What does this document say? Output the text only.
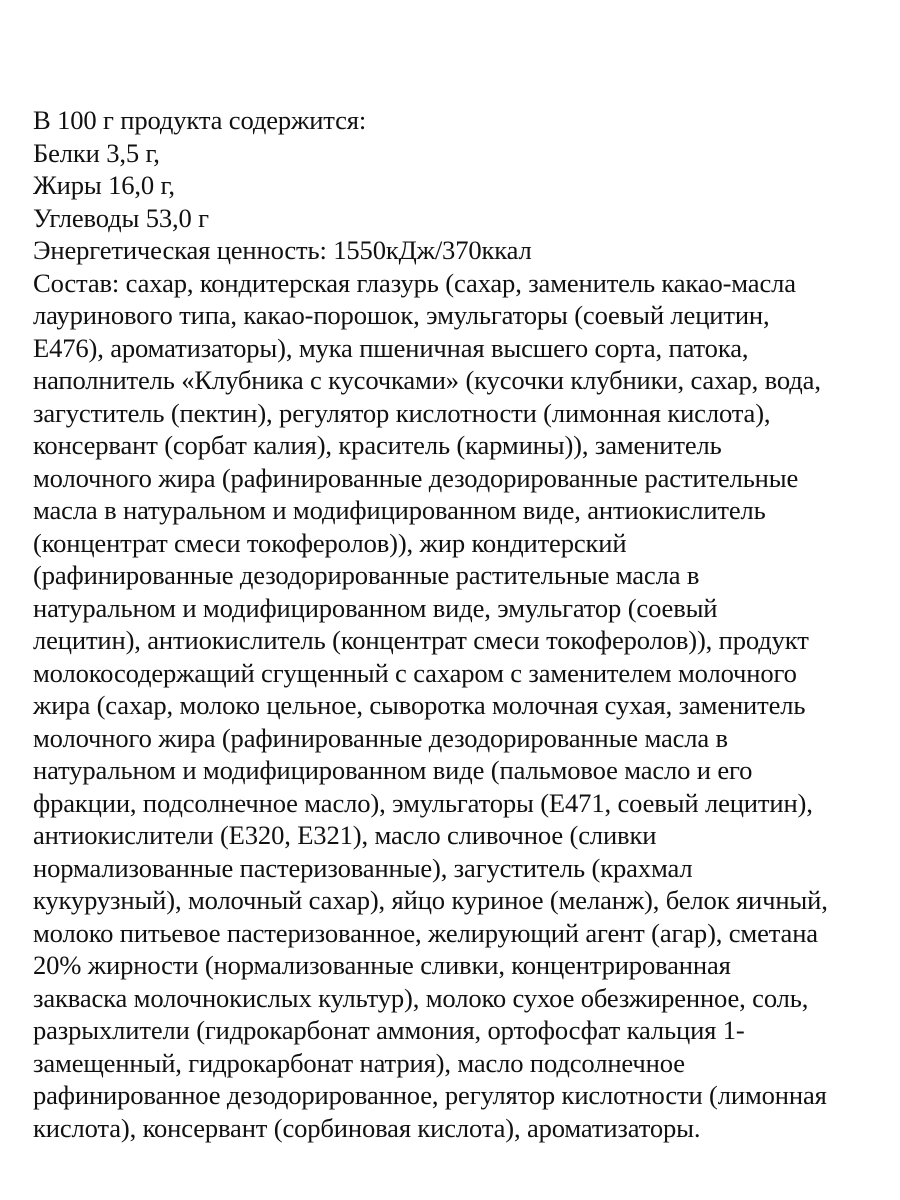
В 100 г продукта содержится:
Белки 3,5 г,
Жиры 16,0 г,
Углеводы 53,0 г
Энергетическая ценность: 1550кДж/370ккал
Состав: сахар, кондитерская глазурь (сахар, заменитель какао-масла
лауринового типа, какао-порошок, эмульгаторы (соевый лецитин,
Е476), ароматизаторы), мука пшеничная высшего сорта, патока,
наполнитель «Клубника с кусочками» (кусочки клубники, сахар, вода,
загуститель (пектин), регулятор кислотности (лимонная кислота),
консервант (сорбат калия), краситель (кармины)), заменитель
молочного жира (рафинированные дезодорированные растительные
масла в натуральном и модифицированном виде, антиокислитель
(концентрат смеси токоферолов)), жир кондитерский
(рафинированные дезодорированные растительные масла в
натуральном и модифицированном виде, эмульгатор (соевый
лецитин), антиокислитель (концентрат смеси токоферолов)), продукт
молокосодержащий сгущенный с сахаром с заменителем молочного
жира (сахар, молоко цельное, сыворотка молочная сухая, заменитель
молочного жира (рафинированные дезодорированные масла в
натуральном и модифицированном виде (пальмовое масло и его
фракции, подсолнечное масло), эмульгаторы (Е471, соевый лецитин),
антиокислители (Е320, Е321), масло сливочное (сливки
нормализованные пастеризованные), загуститель (крахмал
кукурузный), молочный сахар), яйцо куриное (меланж), белок яичный,
молоко питьевое пастеризованное, желирующий агент (агар), сметана
20% жирности (нормализованные сливки, концентрированная
закваска молочнокислых культур), молоко сухое обезжиренное, соль,
разрыхлители (гидрокарбонат аммония, ортофосфат кальция 1-
замещенный, гидрокарбонат натрия), масло подсолнечное
рафинированное дезодорированное, регулятор кислотности (лимонная
кислота), консервант (сорбиновая кислота), ароматизаторы.
